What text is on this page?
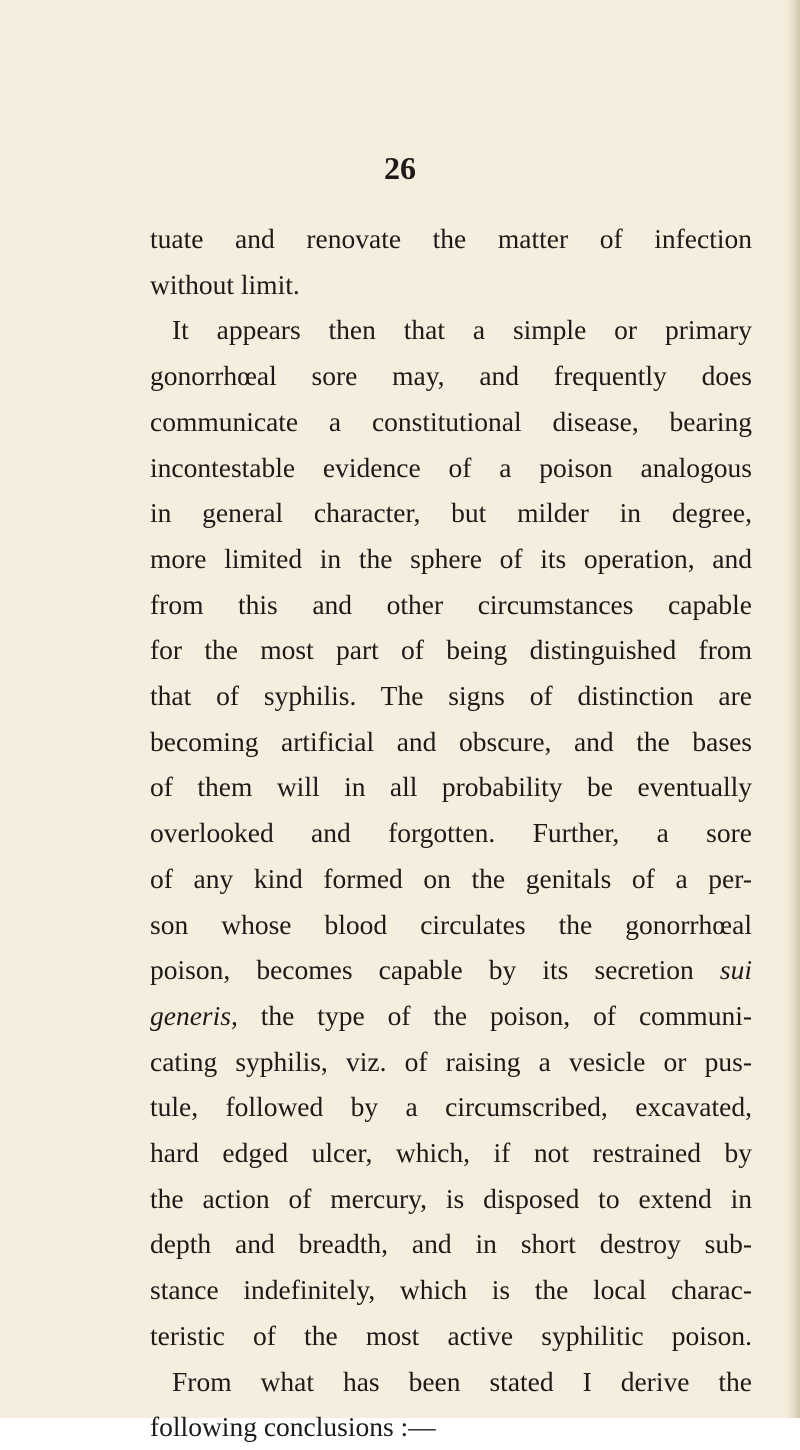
26
tuate and renovate the matter of infection
without limit.
It appears then that a simple or primary
gonorrhœal sore may, and frequently does
communicate a constitutional disease, bearing
incontestable evidence of a poison analogous
in general character, but milder in degree,
more limited in the sphere of its operation, and
from this and other circumstances capable
for the most part of being distinguished from
that of syphilis. The signs of distinction are
becoming artificial and obscure, and the bases
of them will in all probability be eventually
overlooked and forgotten. Further, a sore
of any kind formed on the genitals of a per-
son whose blood circulates the gonorrhœal
poison, becomes capable by its secretion sui
generis, the type of the poison, of communi-
cating syphilis, viz. of raising a vesicle or pus-
tule, followed by a circumscribed, excavated,
hard edged ulcer, which, if not restrained by
the action of mercury, is disposed to extend in
depth and breadth, and in short destroy sub-
stance indefinitely, which is the local charac-
teristic of the most active syphilitic poison.
From what has been stated I derive the
following conclusions :—
